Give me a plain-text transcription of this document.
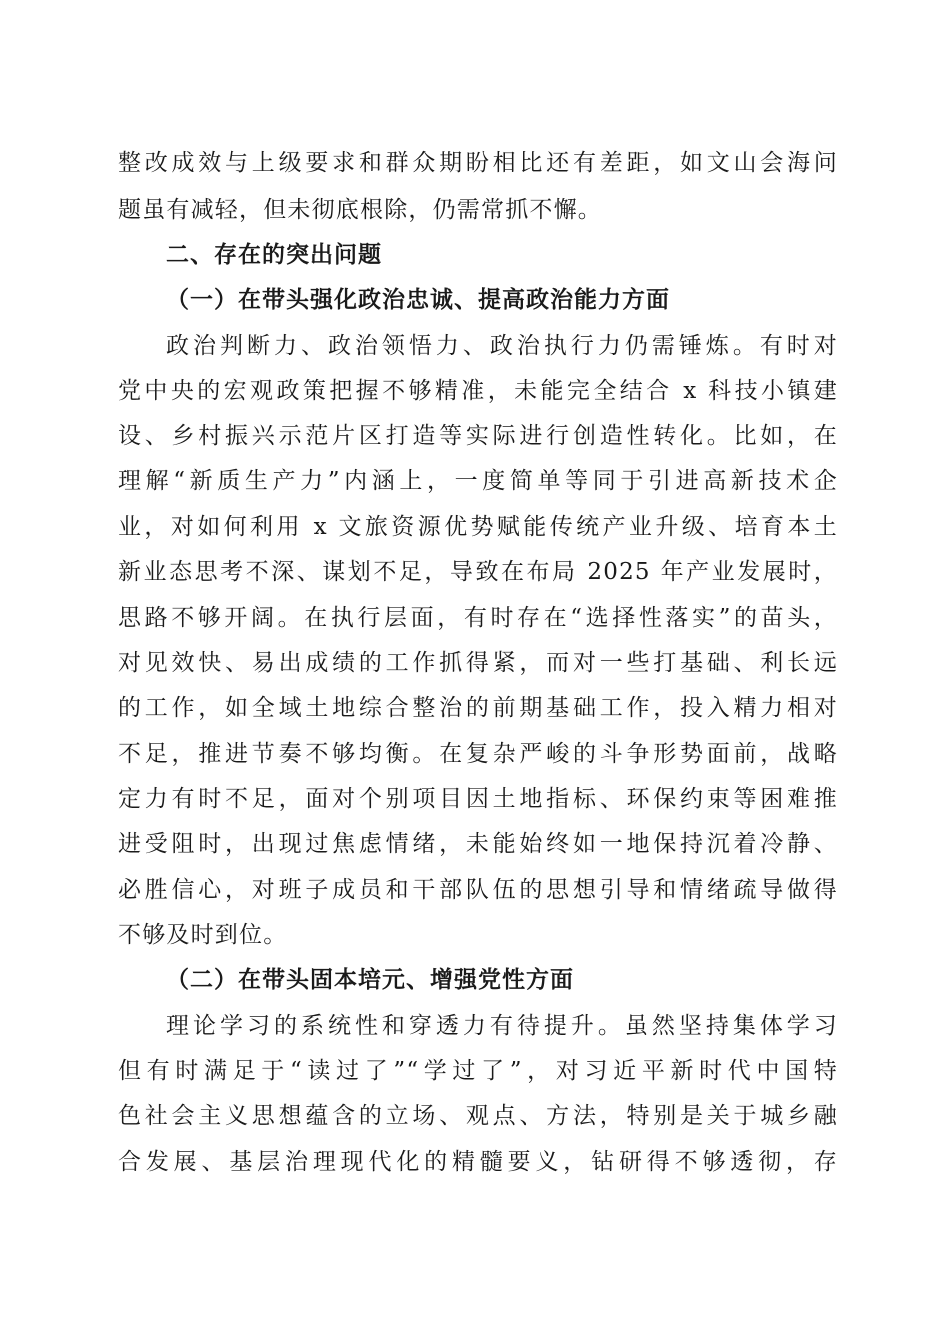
整改成效与上级要求和群众期盼相比还有差距，如文山会海问
题虽有减轻，但未彻底根除，仍需常抓不懈。
二、存在的突出问题
（一）在带头强化政治忠诚、提高政治能力方面
政治判断力、政治领悟力、政治执行力仍需锤炼。有时对
党中央的宏观政策把握不够精准，未能完全结合 x 科技小镇建
设、乡村振兴示范片区打造等实际进行创造性转化。比如，在
理解“新质生产力”内涵上，一度简单等同于引进高新技术企
业，对如何利用 x 文旅资源优势赋能传统产业升级、培育本土
新业态思考不深、谋划不足，导致在布局 2025 年产业发展时，
思路不够开阔。在执行层面，有时存在“选择性落实”的苗头，
对见效快、易出成绩的工作抓得紧，而对一些打基础、利长远
的工作，如全域土地综合整治的前期基础工作，投入精力相对
不足，推进节奏不够均衡。在复杂严峻的斗争形势面前，战略
定力有时不足，面对个别项目因土地指标、环保约束等困难推
进受阻时，出现过焦虑情绪，未能始终如一地保持沉着冷静、
必胜信心，对班子成员和干部队伍的思想引导和情绪疏导做得
不够及时到位。
（二）在带头固本培元、增强党性方面
理论学习的系统性和穿透力有待提升。虽然坚持集体学习
但有时满足于“读过了”“学过了”，对习近平新时代中国特
色社会主义思想蕴含的立场、观点、方法，特别是关于城乡融
合发展、基层治理现代化的精髓要义，钻研得不够透彻，存
